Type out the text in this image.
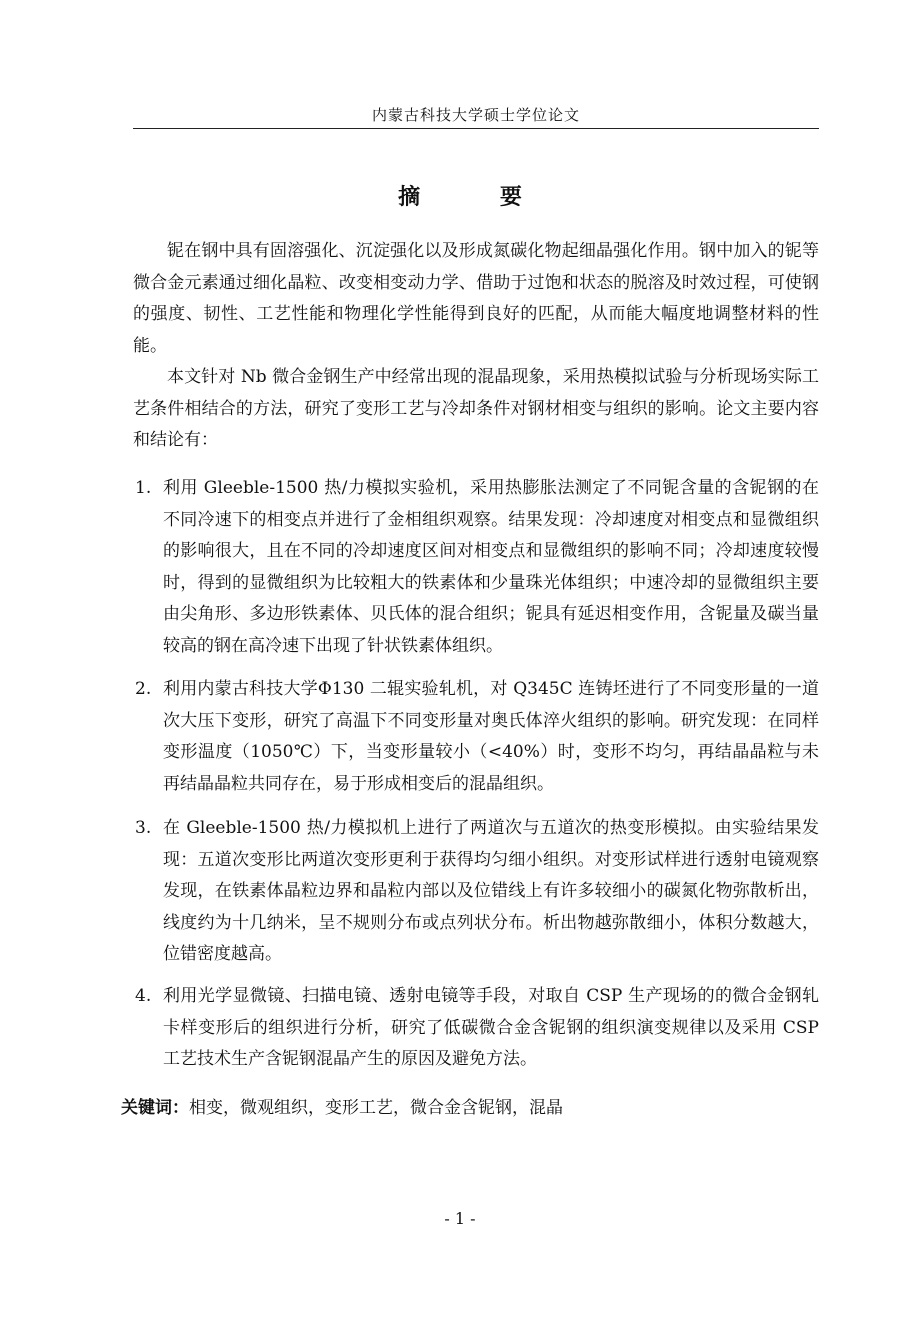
内蒙古科技大学硕士学位论文
摘 要

铌在钢中具有固溶强化、沉淀强化以及形成氮碳化物起细晶强化作用。钢中加入的铌等微合金元素通过细化晶粒、改变相变动力学、借助于过饱和状态的脱溶及时效过程，可使钢的强度、韧性、工艺性能和物理化学性能得到良好的匹配，从而能大幅度地调整材料的性能。

本文针对 Nb 微合金钢生产中经常出现的混晶现象，采用热模拟试验与分析现场实际工艺条件相结合的方法，研究了变形工艺与冷却条件对钢材相变与组织的影响。论文主要内容和结论有：

1. 利用 Gleeble-1500 热/力模拟实验机，采用热膨胀法测定了不同铌含量的含铌钢的在不同冷速下的相变点并进行了金相组织观察。结果发现：冷却速度对相变点和显微组织的影响很大，且在不同的冷却速度区间对相变点和显微组织的影响不同；冷却速度较慢时，得到的显微组织为比较粗大的铁素体和少量珠光体组织；中速冷却的显微组织主要由尖角形、多边形铁素体、贝氏体的混合组织；铌具有延迟相变作用，含铌量及碳当量较高的钢在高冷速下出现了针状铁素体组织。
2. 利用内蒙古科技大学Φ130 二辊实验轧机，对 Q345C 连铸坯进行了不同变形量的一道次大压下变形，研究了高温下不同变形量对奥氏体淬火组织的影响。研究发现：在同样变形温度（1050℃）下，当变形量较小（<40%）时，变形不均匀，再结晶晶粒与未再结晶晶粒共同存在，易于形成相变后的混晶组织。
3. 在 Gleeble-1500 热/力模拟机上进行了两道次与五道次的热变形模拟。由实验结果发现：五道次变形比两道次变形更利于获得均匀细小组织。对变形试样进行透射电镜观察发现，在铁素体晶粒边界和晶粒内部以及位错线上有许多较细小的碳氮化物弥散析出，线度约为十几纳米，呈不规则分布或点列状分布。析出物越弥散细小，体积分数越大，位错密度越高。
4. 利用光学显微镜、扫描电镜、透射电镜等手段，对取自 CSP 生产现场的的微合金钢轧卡样变形后的组织进行分析，研究了低碳微合金含铌钢的组织演变规律以及采用 CSP 工艺技术生产含铌钢混晶产生的原因及避免方法。
关键词：相变，微观组织，变形工艺，微合金含铌钢，混晶
- 1 -
